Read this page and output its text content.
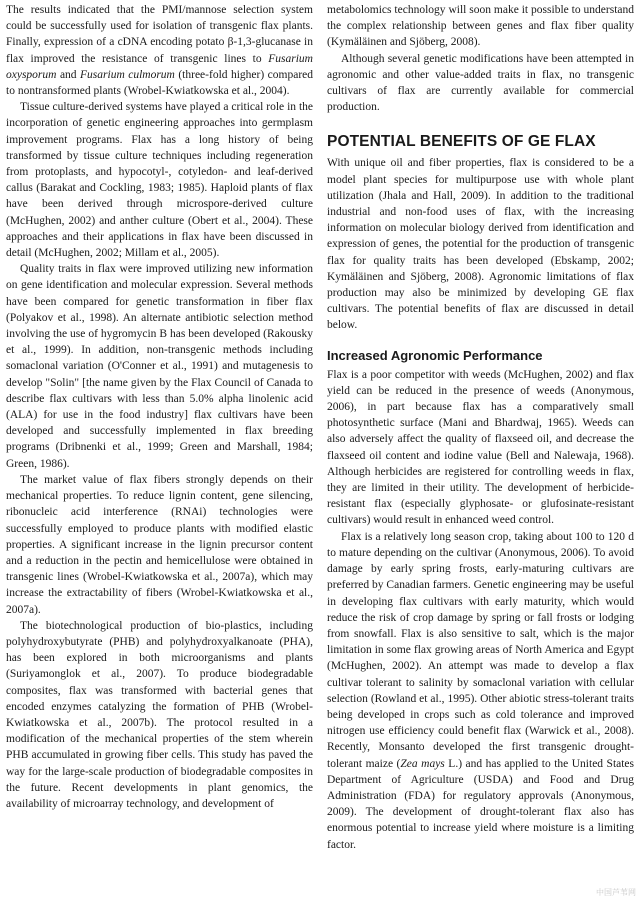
The results indicated that the PMI/mannose selection system could be successfully used for isolation of transgenic flax plants. Finally, expression of a cDNA encoding potato β-1,3-glucanase in flax improved the resistance of transgenic lines to Fusarium oxysporum and Fusarium culmorum (three-fold higher) compared to nontransformed plants (Wrobel-Kwiatkowska et al., 2004).

Tissue culture-derived systems have played a critical role in the incorporation of genetic engineering approaches into germplasm improvement programs. Flax has a long history of being transformed by tissue culture techniques including regeneration from protoplasts, and hypocotyl-, cotyledon- and leaf-derived callus (Barakat and Cockling, 1983; 1985). Haploid plants of flax have been derived through microspore-derived culture (McHughen, 2002) and anther culture (Obert et al., 2004). These approaches and their applications in flax have been discussed in detail (McHughen, 2002; Millam et al., 2005).

Quality traits in flax were improved utilizing new information on gene identification and molecular expression. Several methods have been compared for genetic transformation in fiber flax (Polyakov et al., 1998). An alternate antibiotic selection method involving the use of hygromycin B has been developed (Rakousky et al., 1999). In addition, non-transgenic methods including somaclonal variation (O'Conner et al., 1991) and mutagenesis to develop "Solin" [the name given by the Flax Council of Canada to describe flax cultivars with less than 5.0% alpha linolenic acid (ALA) for use in the food industry] flax cultivars have been developed and successfully implemented in flax breeding programs (Dribnenki et al., 1999; Green and Marshall, 1984; Green, 1986).

The market value of flax fibers strongly depends on their mechanical properties. To reduce lignin content, gene silencing, ribonucleic acid interference (RNAi) technologies were successfully employed to produce plants with modified elastic properties. A significant increase in the lignin precursor content and a reduction in the pectin and hemicellulose were obtained in transgenic lines (Wrobel-Kwiatkowska et al., 2007a), which may increase the extractability of fibers (Wrobel-Kwiatkowska et al., 2007a).

The biotechnological production of bio-plastics, including polyhydroxybutyrate (PHB) and polyhydroxyalkanoate (PHA), has been explored in both microorganisms and plants (Suriyamonglok et al., 2007). To produce biodegradable composites, flax was transformed with bacterial genes that encoded enzymes catalyzing the formation of PHB (Wrobel-Kwiatkowska et al., 2007b). The protocol resulted in a modification of the mechanical properties of the stem wherein PHB accumulated in growing fiber cells. This study has paved the way for the large-scale production of biodegradable composites in the future. Recent developments in plant genomics, the availability of microarray technology, and development of

metabolomics technology will soon make it possible to understand the complex relationship between genes and flax fiber quality (Kymäläinen and Sjöberg, 2008).

Although several genetic modifications have been attempted in agronomic and other value-added traits in flax, no transgenic cultivars of flax are currently available for commercial production.

POTENTIAL BENEFITS OF GE FLAX

With unique oil and fiber properties, flax is considered to be a model plant species for multipurpose use with whole plant utilization (Jhala and Hall, 2009). In addition to the traditional industrial and non-food uses of flax, with the increasing information on molecular biology derived from identification and expression of genes, the potential for the production of transgenic flax for quality traits has been developed (Ebskamp, 2002; Kymäläinen and Sjöberg, 2008). Agronomic limitations of flax production may also be minimized by developing GE flax cultivars. The potential benefits of flax are discussed in detail below.

Increased Agronomic Performance

Flax is a poor competitor with weeds (McHughen, 2002) and flax yield can be reduced in the presence of weeds (Anonymous, 2006), in part because flax has a comparatively small photosynthetic surface (Mani and Bhardwaj, 1965). Weeds can also adversely affect the quality of flaxseed oil, and decrease the flaxseed oil content and iodine value (Bell and Nalewaja, 1968). Although herbicides are registered for controlling weeds in flax, they are limited in their utility. The development of herbicide-resistant flax (especially glyphosate- or glufosinate-resistant cultivars) would result in enhanced weed control.

Flax is a relatively long season crop, taking about 100 to 120 d to mature depending on the cultivar (Anonymous, 2006). To avoid damage by early spring frosts, early-maturing cultivars are preferred by Canadian farmers. Genetic engineering may be useful in developing flax cultivars with early maturity, which would reduce the risk of crop damage by spring or fall frosts or lodging from snowfall. Flax is also sensitive to salt, which is the major limitation in some flax growing areas of North America and Egypt (McHughen, 2002). An attempt was made to develop a flax cultivar tolerant to salinity by somaclonal variation with cellular selection (Rowland et al., 1995). Other abiotic stress-tolerant traits being developed in crops such as cold tolerance and improved nitrogen use efficiency could benefit flax (Warwick et al., 2008). Recently, Monsanto developed the first transgenic drought-tolerant maize (Zea mays L.) and has applied to the United States Department of Agriculture (USDA) and Food and Drug Administration (FDA) for regulatory approvals (Anonymous, 2009). The development of drought-tolerant flax also has enormous potential to increase yield where moisture is a limiting factor.

中国芦苇网
